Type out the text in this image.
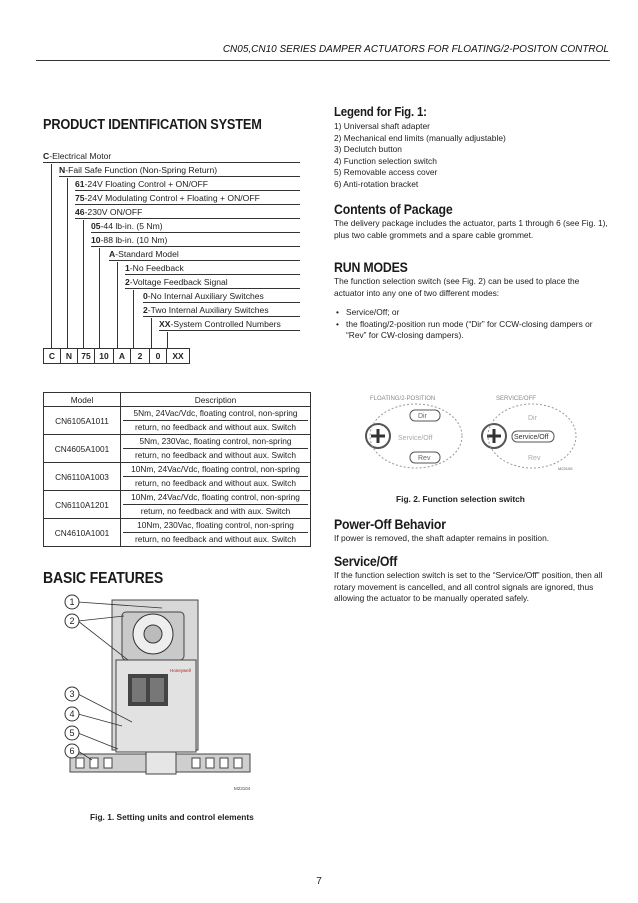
CN05,CN10 SERIES DAMPER ACTUATORS FOR FLOATING/2-POSITON CONTROL
PRODUCT IDENTIFICATION SYSTEM
C-Electrical Motor
N-Fail Safe Function (Non-Spring Return)
61-24V Floating Control + ON/OFF
75-24V Modulating Control + Floating + ON/OFF
46-230V ON/OFF
05-44 lb-in. (5 Nm)
10-88 lb-in. (10 Nm)
A-Standard Model
1-No Feedback
2-Voltage Feedback Signal
0-No Internal Auxiliary Switches
2-Two Internal Auxiliary Switches
XX-System Controlled Numbers
C	N	75	10	A	2	0	XX
Model	Description
CN6105A1011	5Nm, 24Vac/Vdc, floating control, non-spring
return, no feedback and without aux. Switch

CN4605A1001	5Nm, 230Vac, floating control, non-spring
return, no feedback and without aux. Switch

CN6110A1003	10Nm, 24Vac/Vdc, floating control, non-spring
return, no feedback and without aux. Switch

CN6110A1201	10Nm, 24Vac/Vdc, floating control, non-spring
return, no feedback and with aux. Switch

CN4610A1001	10Nm, 230Vac, floating control, non-spring
return, no feedback and without aux. Switch
BASIC FEATURES
Honeywell
1
2
3
4
5
6
M23104
Fig. 1. Setting units and control elements
Legend for Fig. 1:
1) Universal shaft adapter
2) Mechanical end limits (manually adjustable)
3) Declutch button
4) Function selection switch
5) Removable access cover
6) Anti-rotation bracket
Contents of Package
The delivery package includes the actuator, parts 1 through 6 (see Fig. 1), plus two cable grommets and a spare cable grommet.
RUN MODES
The function selection switch (see Fig. 2) can be used to place the actuator into any one of two different modes:
• Service/Off; or
• the floating/2-position run mode (“Dir” for CCW-closing dampers or “Rev” for CW-closing dampers).
FLOATING/2-POSITION	SERVICE/OFF
Dir
Service/Off
Rev
Dir
Service/Off
Rev
M23105
Fig. 2. Function selection switch
Power-Off Behavior
If power is removed, the shaft adapter remains in position.
Service/Off
If the function selection switch is set to the “Service/Off” position, then all rotary movement is cancelled, and all control signals are ignored, thus allowing the actuator to be manually operated safely.
7
